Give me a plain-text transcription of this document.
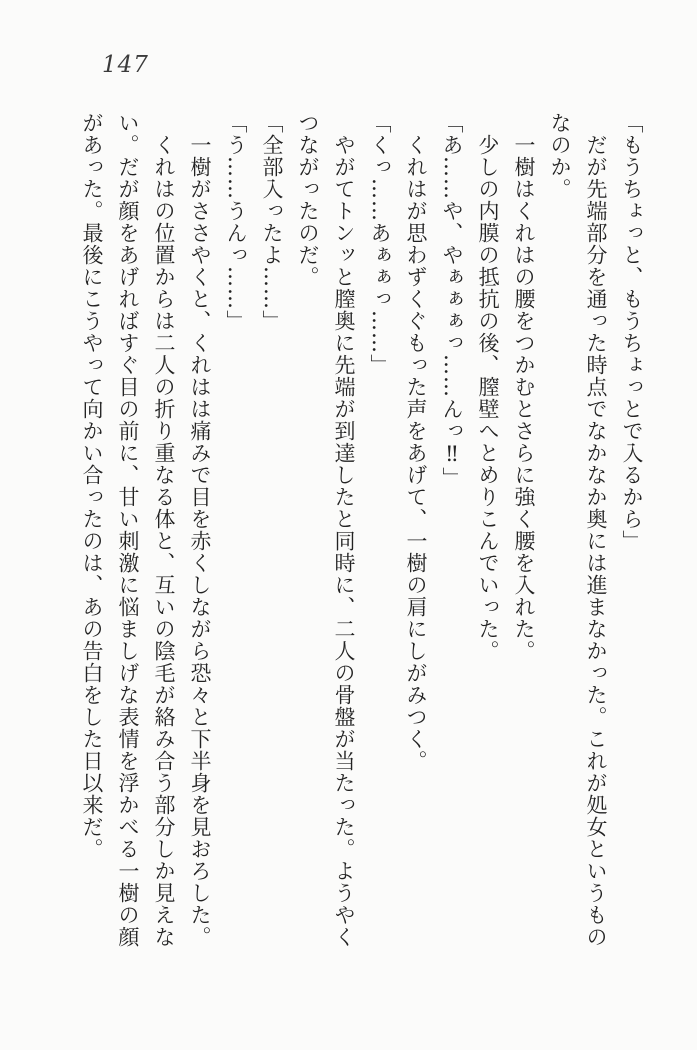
147

「もうちょっと、もうちょっとで入るから」

　だが先端部分を通った時点でなかなか奥には進まなかった。これが処女というもの

なのか。

　一樹はくれはの腰をつかむとさらに強く腰を入れた。

　少しの内膜の抵抗の後、膣壁へとめりこんでいった。

「あ……や、やぁぁぁっ……んっ‼」

　くれはが思わずくぐもった声をあげて、一樹の肩にしがみつく。

「くっ……あぁぁっ……」

　やがてトンッと膣奥に先端が到達したと同時に、二人の骨盤が当たった。ようやく

つながったのだ。

「全部入ったよ……」

「う……うんっ……」

　一樹がささやくと、くれはは痛みで目を赤くしながら恐々と下半身を見おろした。

　くれはの位置からは二人の折り重なる体と、互いの陰毛が絡み合う部分しか見えな

い。だが顔をあげればすぐ目の前に、甘い刺激に悩ましげな表情を浮かべる一樹の顔

があった。最後にこうやって向かい合ったのは、あの告白をした日以来だ。
